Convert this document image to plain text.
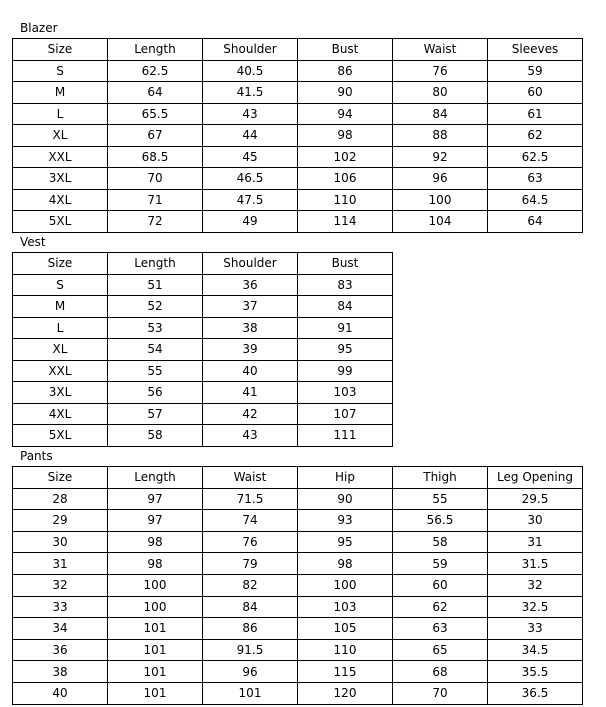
Blazer
Size	Length	Shoulder	Bust	Waist	Sleeves
S	62.5	40.5	86	76	59
M	64	41.5	90	80	60
L	65.5	43	94	84	61
XL	67	44	98	88	62
XXL	68.5	45	102	92	62.5
3XL	70	46.5	106	96	63
4XL	71	47.5	110	100	64.5
5XL	72	49	114	104	64
Vest
Size	Length	Shoulder	Bust
S	51	36	83
M	52	37	84
L	53	38	91
XL	54	39	95
XXL	55	40	99
3XL	56	41	103
4XL	57	42	107
5XL	58	43	111
Pants
Size	Length	Waist	Hip	Thigh	Leg Opening
28	97	71.5	90	55	29.5
29	97	74	93	56.5	30
30	98	76	95	58	31
31	98	79	98	59	31.5
32	100	82	100	60	32
33	100	84	103	62	32.5
34	101	86	105	63	33
36	101	91.5	110	65	34.5
38	101	96	115	68	35.5
40	101	101	120	70	36.5
